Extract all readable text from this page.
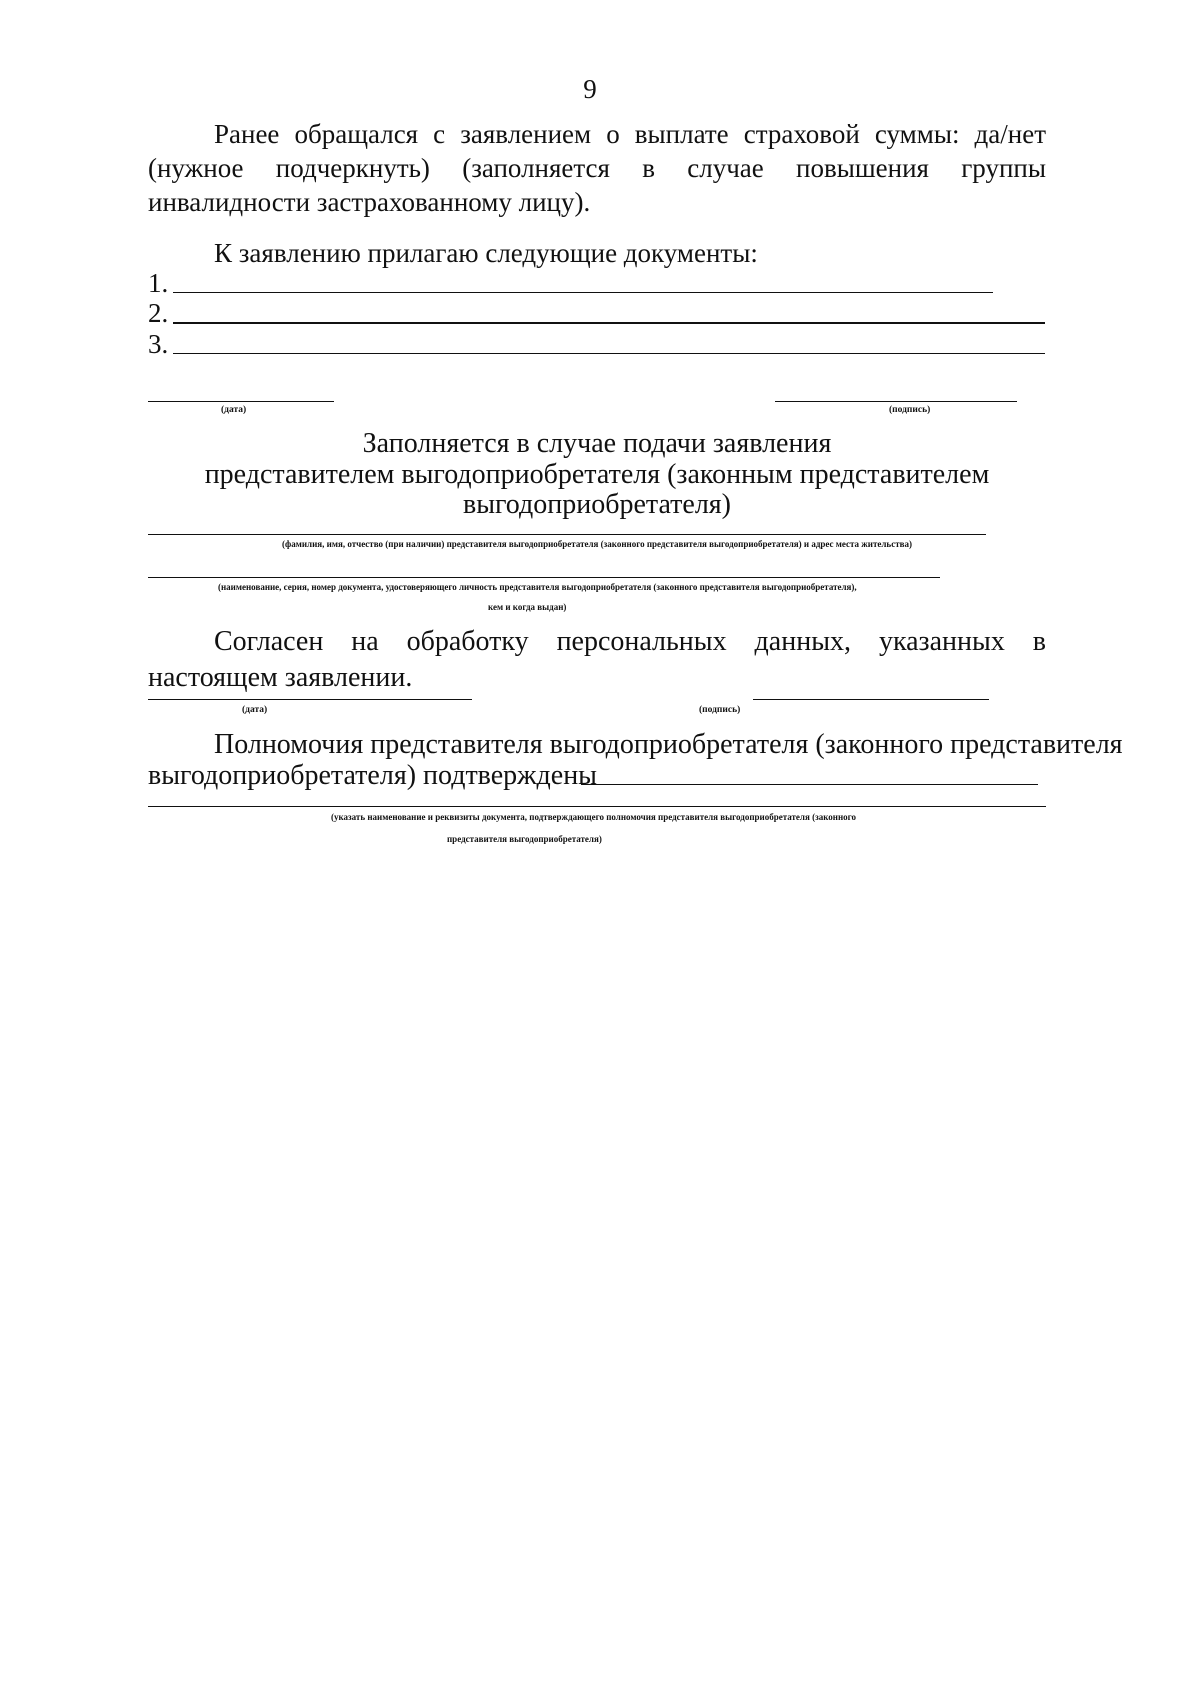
9
Ранее обращался с заявлением о выплате страховой суммы: да/нет (нужное подчеркнуть) (заполняется в случае повышения группы инвалидности застрахованному лицу).
К заявлению прилагаю следующие документы:
1.
2.
3.
(дата)	(подпись)
Заполняется в случае подачи заявления
представителем выгодоприобретателя (законным представителем
выгодоприобретателя)
(фамилия, имя, отчество (при наличии) представителя выгодоприобретателя (законного представителя выгодоприобретателя) и адрес места жительства)
(наименование, серия, номер документа, удостоверяющего личность представителя выгодоприобретателя (законного представителя выгодоприобретателя),
кем и когда выдан)
Согласен на обработку персональных данных, указанных в настоящем заявлении.
(дата)	(подпись)
Полномочия представителя выгодоприобретателя (законного представителя
выгодоприобретателя) подтверждены
(указать наименование и реквизиты документа, подтверждающего полномочия представителя выгодоприобретателя (законного
представителя выгодоприобретателя)
